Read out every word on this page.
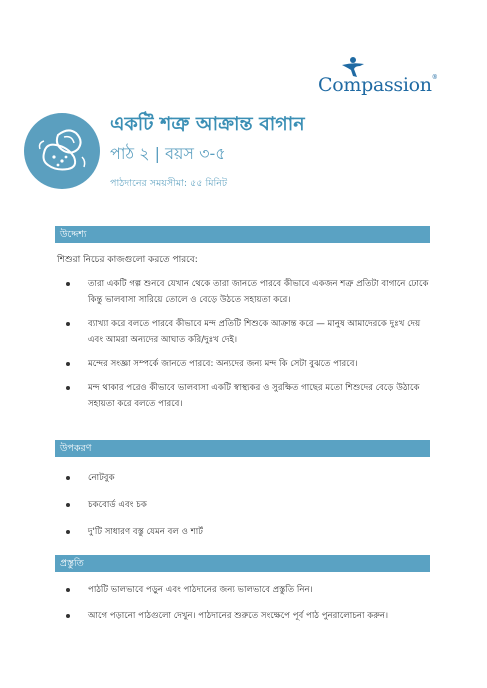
Compassion®
একটি শত্রু আক্রান্ত বাগান
পাঠ ২ | বয়স ৩-৫
পাঠদানের সময়সীমা: ৫৫ মিনিট
উদ্দেশ্য
শিশুরা নিচের কাজগুলো করতে পারবে:
তারা একটি গল্প শুনবে যেখান থেকে তারা জানতে পারবে কীভাবে একজন শত্রু প্রতিটা বাগানে ঢোকে কিন্তু ভালবাসা সারিয়ে তোলে ও বেড়ে উঠতে সহায়তা করে।
ব্যাখ্যা করে বলতে পারবে কীভাবে মন্দ প্রতিটি শিশুকে আক্রান্ত করে — মানুষ আমাদেরকে দুঃখ দেয় এবং আমরা অন্যদের আঘাত করি/দুঃখ দেই।
মন্দের সংজ্ঞা সম্পর্কে জানতে পারবে: অন্যদের জন্য মন্দ কি সেটা বুঝতে পারবে।
মন্দ থাকার পরেও কীভাবে ভালবাসা একটি স্বাস্থ্যকর ও সুরক্ষিত গাছের মতো শিশুদের বেড়ে উঠাকে সহায়তা করে বলতে পারবে।
উপকরণ
নোটবুক
চকবোর্ড এবং চক
দু'টি সাধারণ বস্তু যেমন বল ও শার্ট
প্রস্তুতি
পাঠটি ভালভাবে পড়ুন এবং পাঠদানের জন্য ভালভাবে প্রস্তুতি নিন।
আগে পড়ানো পাঠগুলো দেখুন। পাঠদানের শুরুতে সংক্ষেপে পূর্ব পাঠ পুনরালোচনা করুন।
